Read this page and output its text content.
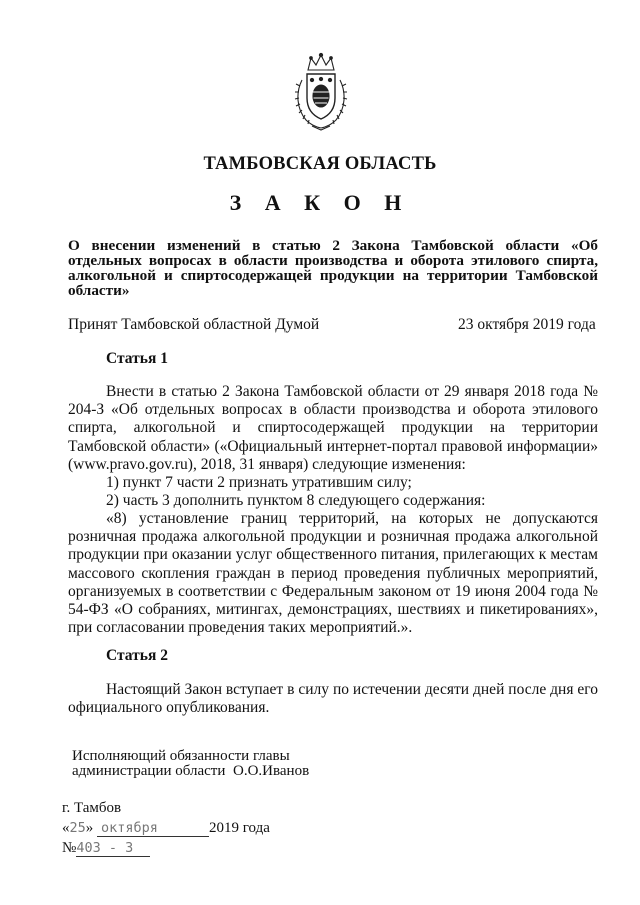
ТАМБОВСКАЯ ОБЛАСТЬ
З А К О Н
О внесении изменений в статью 2 Закона Тамбовской области «Об отдельных вопросах в области производства и оборота этилового спирта, алкогольной и спиртосодержащей продукции на территории Тамбовской области»
Принят Тамбовской областной Думой	23 октября 2019 года
Статья 1
Внести в статью 2 Закона Тамбовской области от 29 января 2018 года № 204-З «Об отдельных вопросах в области производства и оборота этилового спирта, алкогольной и спиртосодержащей продукции на территории Тамбовской области» («Официальный интернет-портал правовой информации» (www.pravo.gov.ru), 2018, 31 января) следующие изменения:
1) пункт 7 части 2 признать утратившим силу;
2) часть 3 дополнить пунктом 8 следующего содержания:
«8) установление границ территорий, на которых не допускаются розничная продажа алкогольной продукции и розничная продажа алкогольной продукции при оказании услуг общественного питания, прилегающих к местам массового скопления граждан в период проведения публичных мероприятий, организуемых в соответствии с Федеральным законом от 19 июня 2004 года № 54-ФЗ «О собраниях, митингах, демонстрациях, шествиях и пикетированиях», при согласовании проведения таких мероприятий.».
Статья 2
Настоящий Закон вступает в силу по истечении десяти дней после дня его официального опубликования.
Исполняющий обязанности главы
администрации области О.О.Иванов
г. Тамбов
«25» октября	2019 года
№403 - З
